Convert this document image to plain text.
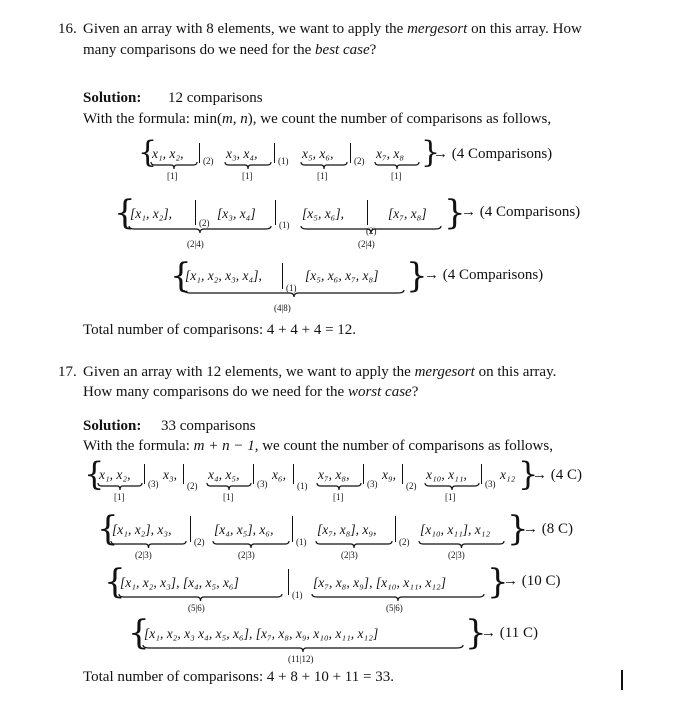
16. Given an array with 8 elements, we want to apply the mergesort on this array. How
many comparisons do we need for the best case?
Solution: 12 comparisons
With the formula: min(m, n), we count the number of comparisons as follows,
{
x₁, x₂,
[1]
(2) x₃, x₄,
[1]
(1) x₅, x₆,
[1]
(2) x₇, x₈
[1]
}
→ (4 Comparisons)
{
[x₁, x₂],
(2)
[x₃, x₄]
(2|4)
(1)
[x₅, x₆],
(2)
[x₇, x₈]
(2|4)
}
→ (4 Comparisons)
{
[x₁, x₂, x₃, x₄],
(1)
[x₅, x₆, x₇, x₈]
(4|8)
}
→ (4 Comparisons)
Total number of comparisons: 4 + 4 + 4 = 12.
17. Given an array with 12 elements, we want to apply the mergesort on this array.
How many comparisons do we need for the worst case?
Solution: 33 comparisons
With the formula: m + n − 1, we count the number of comparisons as follows,
{
x₁, x₂,
[1]
(3)
x₃,
(2)
x₄, x₅,
[1]
(3)
x₆,
(1)
x₇, x₈,
[1]
(3)
x₉,
(2)
x₁₀, x₁₁,
[1]
(3)
x₁₂ }
→ (4 C)
{
[x₁, x₂], x₃,
(2|3)
(2)
[x₄, x₅], x₆,
(2|3)
(1)
[x₇, x₈], x₉,
(2|3)
(2)
[x₁₀, x₁₁], x₁₂
(2|3)
}
→ (8 C)
{
[x₁, x₂, x₃], [x₄, x₅, x₆]
(5|6)
(1)
[x₇, x₈, x₉], [x₁₀, x₁₁, x₁₂]
(5|6)
}
→ (10 C)
{
[x₁, x₂, x₃ x₄, x₅, x₆], [x₇, x₈, x₉, x₁₀, x₁₁, x₁₂]
(11|12)
}
→ (11 C)
Total number of comparisons: 4 + 8 + 10 + 11 = 33.
